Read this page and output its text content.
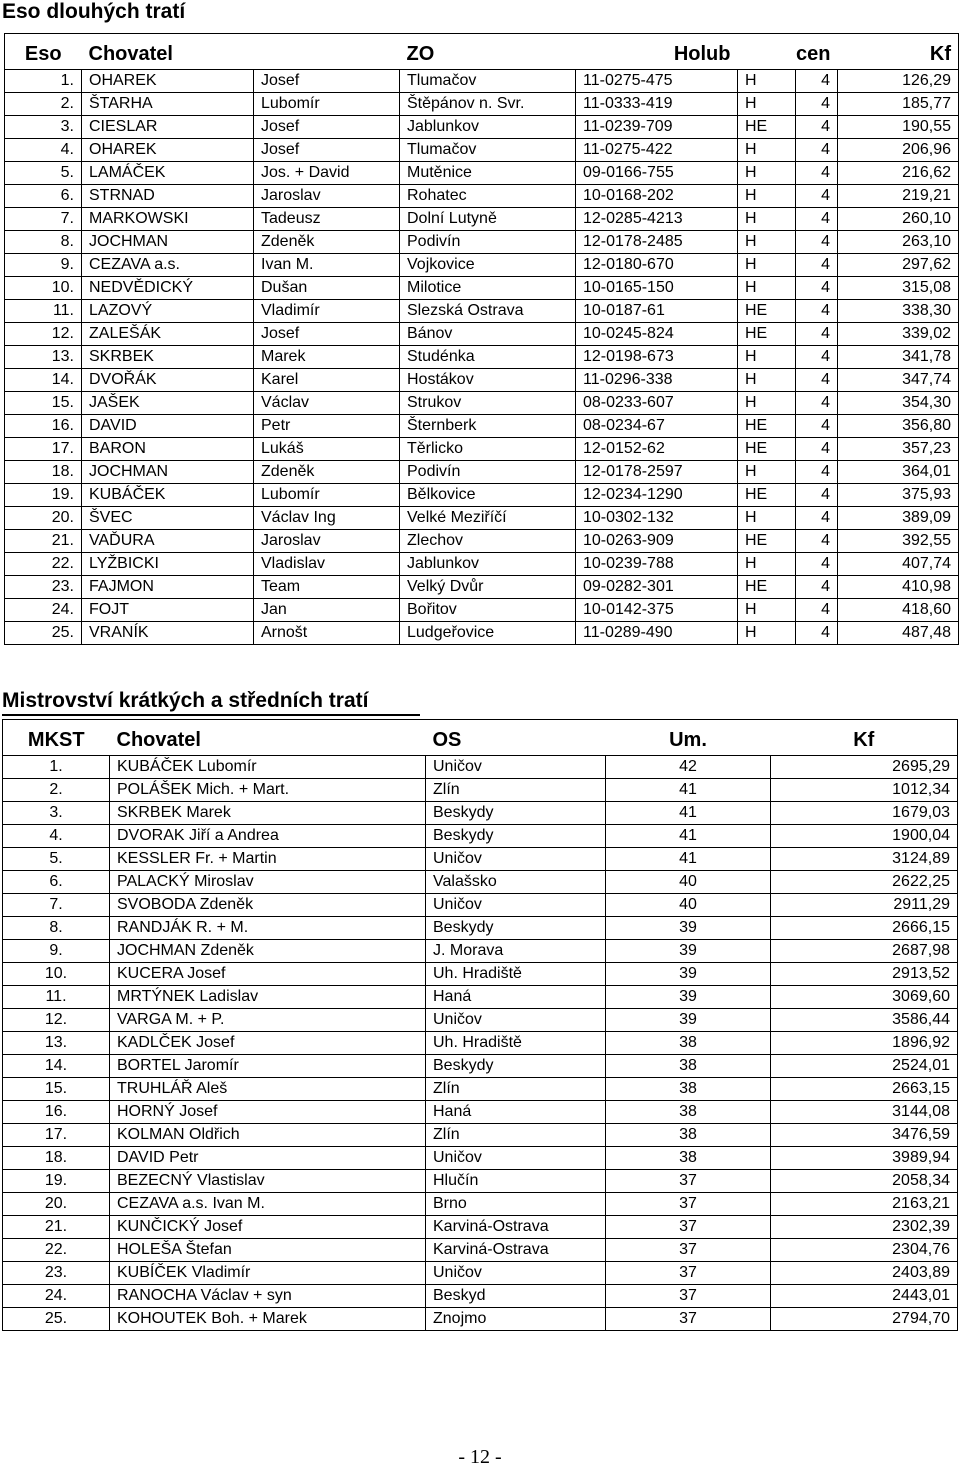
Eso dlouhých tratí
Eso	Chovatel		ZO	Holub	cen		Kf
1.	OHAREK	Josef	Tlumačov	11-0275-475	H	4	126,29
2.	ŠTARHA	Lubomír	Štěpánov n. Svr.	11-0333-419	H	4	185,77
3.	CIESLAR	Josef	Jablunkov	11-0239-709	HE	4	190,55
4.	OHAREK	Josef	Tlumačov	11-0275-422	H	4	206,96
5.	LAMÁČEK	Jos. + David	Mutěnice	09-0166-755	H	4	216,62
6.	STRNAD	Jaroslav	Rohatec	10-0168-202	H	4	219,21
7.	MARKOWSKI	Tadeusz	Dolní Lutyně	12-0285-4213	H	4	260,10
8.	JOCHMAN	Zdeněk	Podivín	12-0178-2485	H	4	263,10
9.	CEZAVA a.s.	Ivan M.	Vojkovice	12-0180-670	H	4	297,62
10.	NEDVĚDICKÝ	Dušan	Milotice	10-0165-150	H	4	315,08
11.	LAZOVÝ	Vladimír	Slezská Ostrava	10-0187-61	HE	4	338,30
12.	ZALEŠÁK	Josef	Bánov	10-0245-824	HE	4	339,02
13.	SKRBEK	Marek	Studénka	12-0198-673	H	4	341,78
14.	DVOŘÁK	Karel	Hostákov	11-0296-338	H	4	347,74
15.	JAŠEK	Václav	Strukov	08-0233-607	H	4	354,30
16.	DAVID	Petr	Šternberk	08-0234-67	HE	4	356,80
17.	BARON	Lukáš	Těrlicko	12-0152-62	HE	4	357,23
18.	JOCHMAN	Zdeněk	Podivín	12-0178-2597	H	4	364,01
19.	KUBÁČEK	Lubomír	Bělkovice	12-0234-1290	HE	4	375,93
20.	ŠVEC	Václav Ing	Velké Meziříčí	10-0302-132	H	4	389,09
21.	VAĎURA	Jaroslav	Zlechov	10-0263-909	HE	4	392,55
22.	LYŽBICKI	Vladislav	Jablunkov	10-0239-788	H	4	407,74
23.	FAJMON	Team	Velký Dvůr	09-0282-301	HE	4	410,98
24.	FOJT	Jan	Bořitov	10-0142-375	H	4	418,60
25.	VRANÍK	Arnošt	Ludgeřovice	11-0289-490	H	4	487,48
Mistrovství krátkých a středních tratí
MKST	Chovatel	OS	Um.	Kf
1.	KUBÁČEK Lubomír	Uničov	42	2695,29
2.	POLÁŠEK Mich. + Mart.	Zlín	41	1012,34
3.	SKRBEK Marek	Beskydy	41	1679,03
4.	DVORAK Jiří a Andrea	Beskydy	41	1900,04
5.	KESSLER Fr. + Martin	Uničov	41	3124,89
6.	PALACKÝ Miroslav	Valašsko	40	2622,25
7.	SVOBODA Zdeněk	Uničov	40	2911,29
8.	RANDJÁK R. + M.	Beskydy	39	2666,15
9.	JOCHMAN Zdeněk	J. Morava	39	2687,98
10.	KUCERA Josef	Uh. Hradiště	39	2913,52
11.	MRTÝNEK Ladislav	Haná	39	3069,60
12.	VARGA M. + P.	Uničov	39	3586,44
13.	KADLČEK Josef	Uh. Hradiště	38	1896,92
14.	BORTEL Jaromír	Beskydy	38	2524,01
15.	TRUHLÁŘ Aleš	Zlín	38	2663,15
16.	HORNÝ Josef	Haná	38	3144,08
17.	KOLMAN Oldřich	Zlín	38	3476,59
18.	DAVID Petr	Uničov	38	3989,94
19.	BEZECNÝ Vlastislav	Hlučín	37	2058,34
20.	CEZAVA a.s. Ivan M.	Brno	37	2163,21
21.	KUNČICKÝ Josef	Karviná-Ostrava	37	2302,39
22.	HOLEŠA Štefan	Karviná-Ostrava	37	2304,76
23.	KUBÍČEK Vladimír	Uničov	37	2403,89
24.	RANOCHA Václav + syn	Beskyd	37	2443,01
25.	KOHOUTEK Boh. + Marek	Znojmo	37	2794,70
- 12 -
